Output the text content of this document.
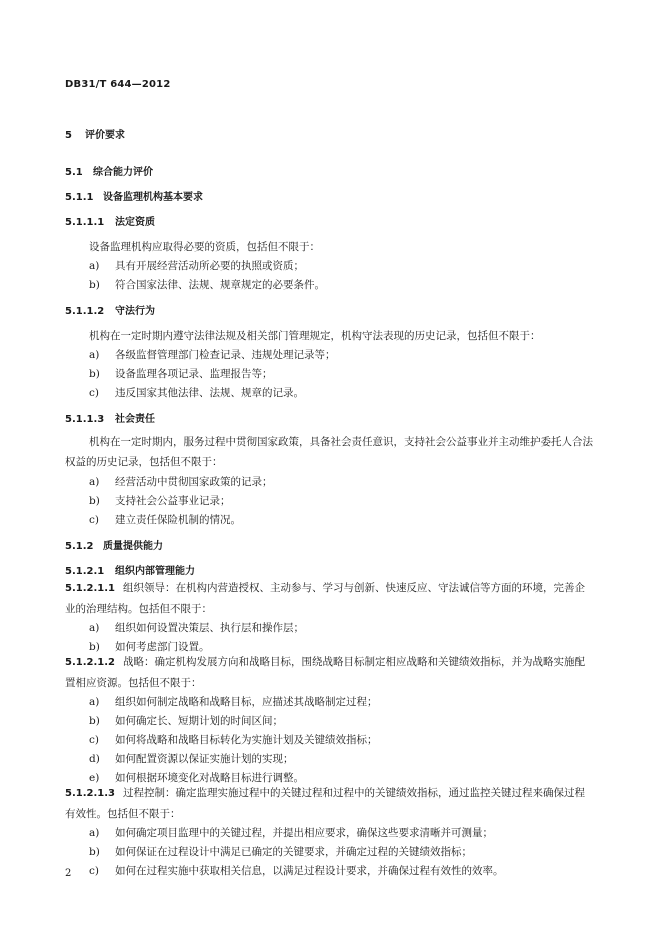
DB31/T 644—2012
5 评价要求
5.1 综合能力评价
5.1.1 设备监理机构基本要求
5.1.1.1 法定资质
设备监理机构应取得必要的资质，包括但不限于：
a) 具有开展经营活动所必要的执照或资质；
b) 符合国家法律、法规、规章规定的必要条件。
5.1.1.2 守法行为
机构在一定时期内遵守法律法规及相关部门管理规定，机构守法表现的历史记录，包括但不限于：
a) 各级监督管理部门检查记录、违规处理记录等；
b) 设备监理各项记录、监理报告等；
c) 违反国家其他法律、法规、规章的记录。
5.1.1.3 社会责任
机构在一定时期内，服务过程中贯彻国家政策，具备社会责任意识，支持社会公益事业并主动维护委托人合法权益的历史记录，包括但不限于：
a) 经营活动中贯彻国家政策的记录；
b) 支持社会公益事业记录；
c) 建立责任保险机制的情况。
5.1.2 质量提供能力
5.1.2.1 组织内部管理能力
5.1.2.1.1 组织领导：在机构内营造授权、主动参与、学习与创新、快速反应、守法诚信等方面的环境，完善企业的治理结构。包括但不限于：
a) 组织如何设置决策层、执行层和操作层；
b) 如何考虑部门设置。
5.1.2.1.2 战略：确定机构发展方向和战略目标，围绕战略目标制定相应战略和关键绩效指标，并为战略实施配置相应资源。包括但不限于：
a) 组织如何制定战略和战略目标，应描述其战略制定过程；
b) 如何确定长、短期计划的时间区间；
c) 如何将战略和战略目标转化为实施计划及关键绩效指标；
d) 如何配置资源以保证实施计划的实现；
e) 如何根据环境变化对战略目标进行调整。
5.1.2.1.3 过程控制：确定监理实施过程中的关键过程和过程中的关键绩效指标，通过监控关键过程来确保过程有效性。包括但不限于：
a) 如何确定项目监理中的关键过程，并提出相应要求，确保这些要求清晰并可测量；
b) 如何保证在过程设计中满足已确定的关键要求，并确定过程的关键绩效指标；
c) 如何在过程实施中获取相关信息，以满足过程设计要求，并确保过程有效性的效率。
2
